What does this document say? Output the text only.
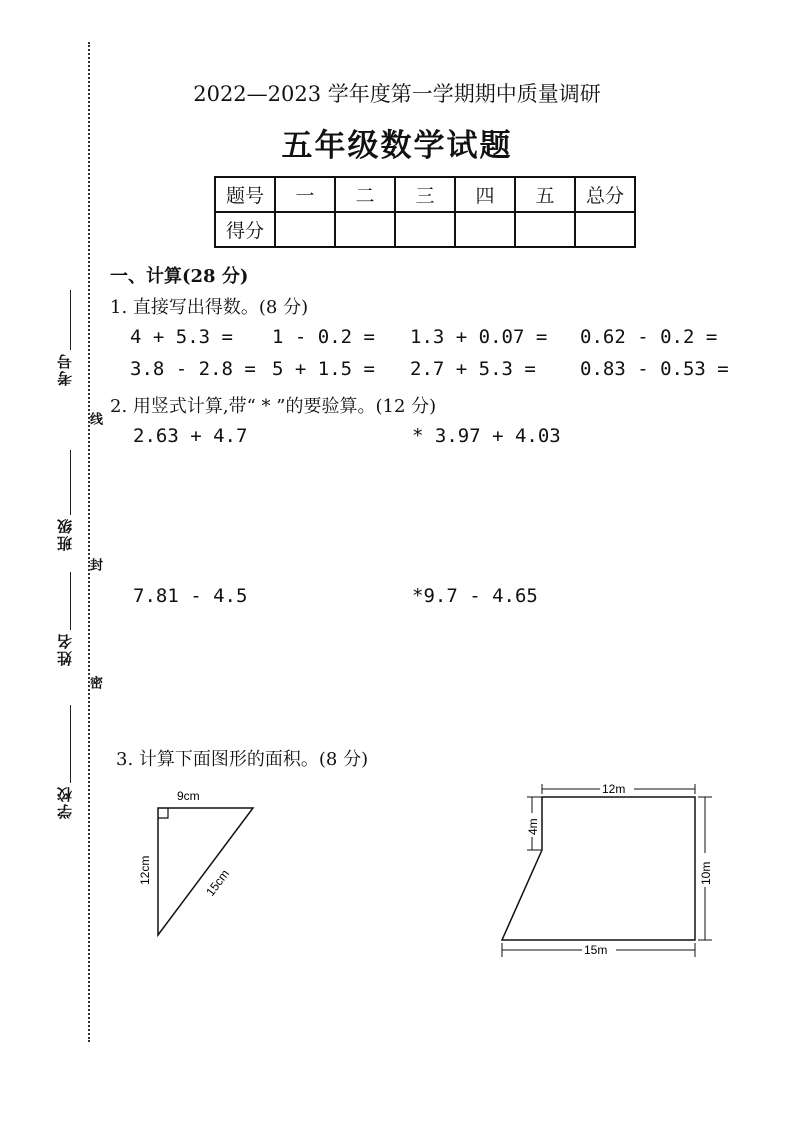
考号
班级
姓名
学校
线
封
密
2022—2023 学年度第一学期期中质量调研
五年级数学试题
题号	一	二	三	四	五	总分
得分						
一、计算(28 分)
1. 直接写出得数。(8 分)
4 + 5.3 = 1 - 0.2 = 1.3 + 0.07 = 0.62 - 0.2 =
3.8 - 2.8 = 5 + 1.5 = 2.7 + 5.3 = 0.83 - 0.53 =
2. 用竖式计算,带“ * ”的要验算。(12 分)
2.63 + 4.7	* 3.97 + 4.03
7.81 - 4.5	*9.7 - 4.65
3. 计算下面图形的面积。(8 分)
9cm
12cm	15cm
12m
4m
10m
15m
